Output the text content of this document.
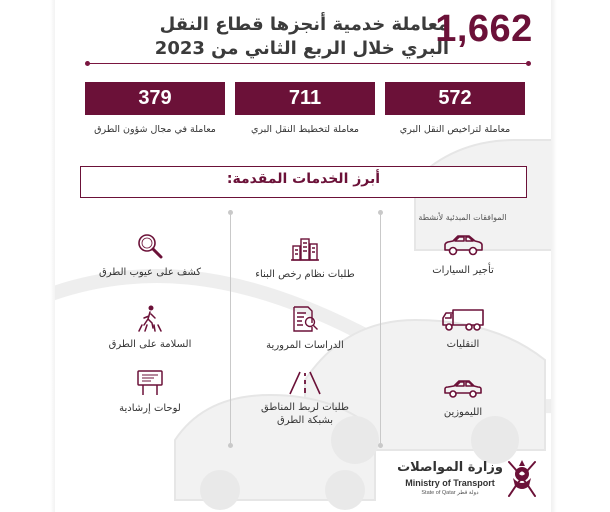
معاملة خدمية أنجزها قطاع النقل
البري خلال الربع الثاني من 2023
1,662
572
معاملة لتراخيص النقل البري
711
معاملة لتخطيط النقل البري
379
معاملة في مجال شؤون الطرق
أبرز الخدمات المقدمة:
الموافقات المبدئية لأنشطة
تأجير السيارات
النقليات
الليموزين
طلبات نظام رخص البناء
الدراسات المرورية
طلبات لربط المناطق
بشبكة الطرق
كشف على عيوب الطرق
السلامة على الطرق
لوحات إرشادية
وزارة المواصلات
Ministry of Transport
State of Qatar دولة قطر
